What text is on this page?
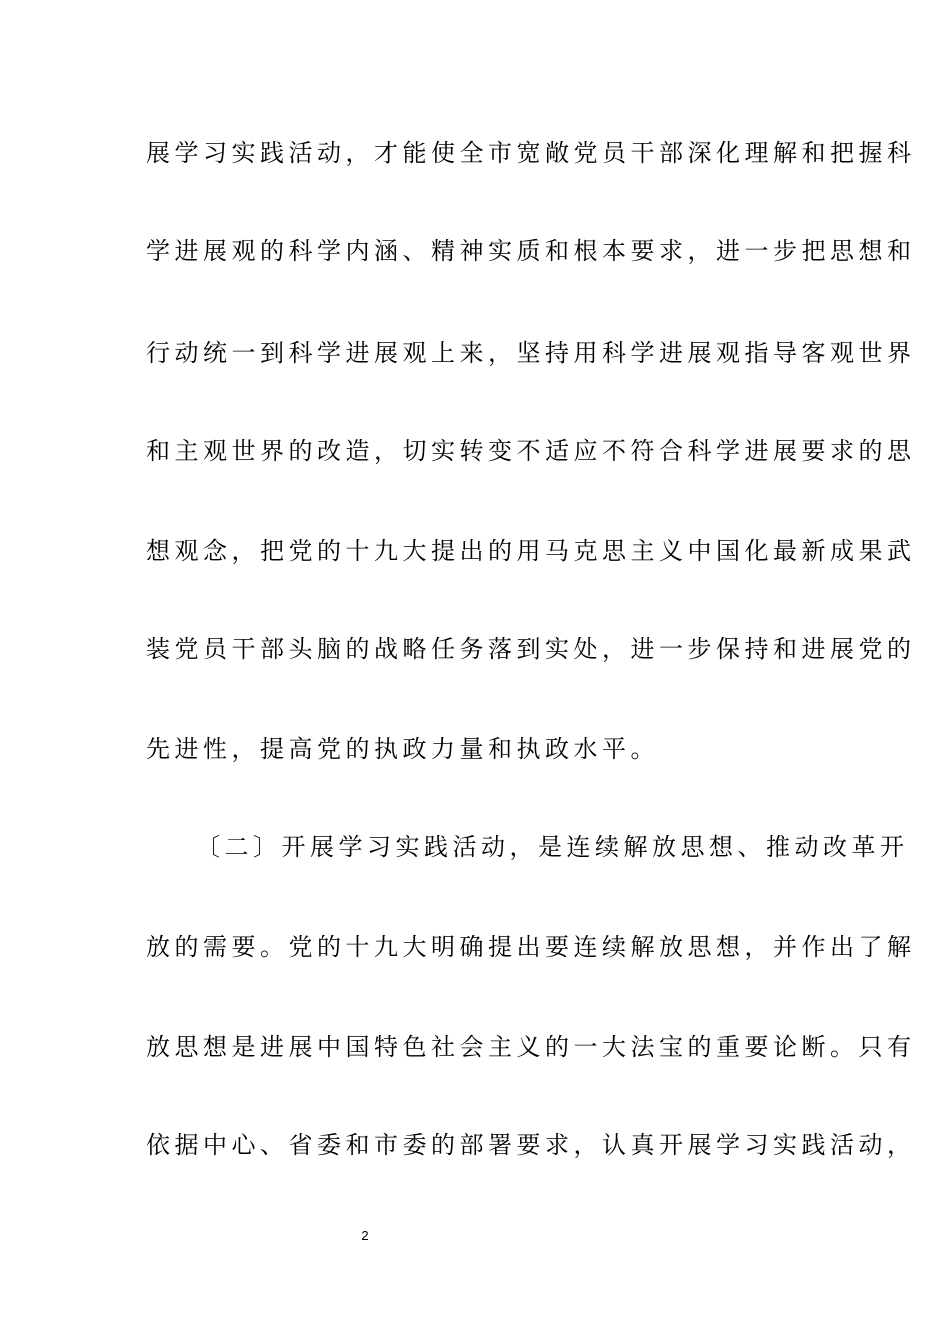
展学习实践活动，才能使全市宽敞党员干部深化理解和把握科
学进展观的科学内涵、精神实质和根本要求，进一步把思想和
行动统一到科学进展观上来，坚持用科学进展观指导客观世界
和主观世界的改造，切实转变不适应不符合科学进展要求的思
想观念，把党的十九大提出的用马克思主义中国化最新成果武
装党员干部头脑的战略任务落到实处，进一步保持和进展党的
先进性，提高党的执政力量和执政水平。
〔二〕开展学习实践活动，是连续解放思想、推动改革开
放的需要。党的十九大明确提出要连续解放思想，并作出了解
放思想是进展中国特色社会主义的一大法宝的重要论断。只有
依据中心、省委和市委的部署要求，认真开展学习实践活动，
2
